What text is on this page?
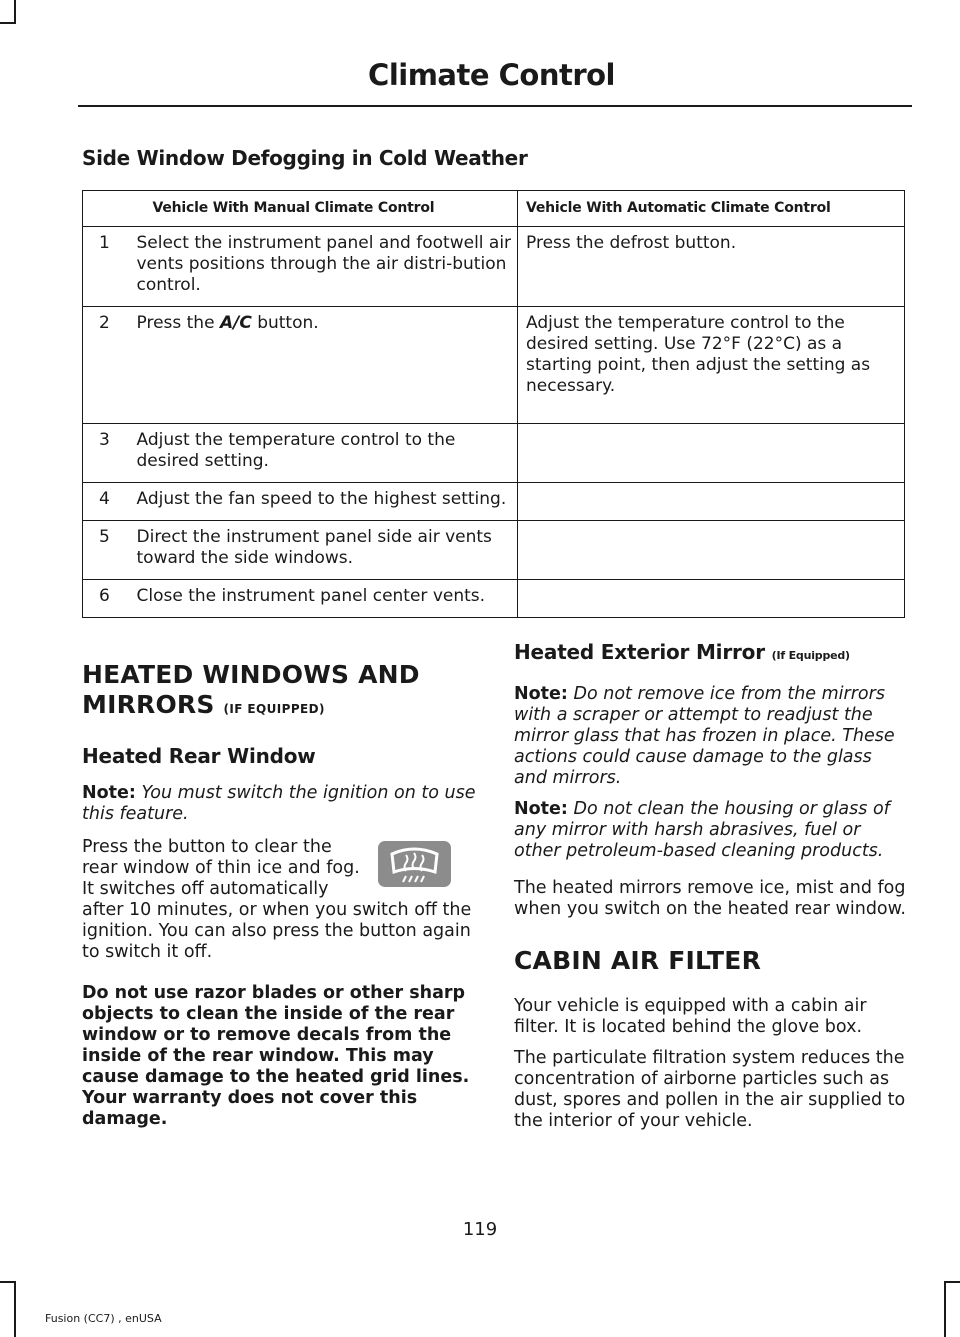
Climate Control
Side Window Defogging in Cold Weather
	Vehicle With Manual Climate Control	Vehicle With Automatic Climate Control
1	Select the instrument panel and footwell air vents positions through the air distri-bution control.	Press the defrost button.
2	Press the A/C button.	Adjust the temperature control to the desired setting. Use 72°F (22°C) as a starting point, then adjust the setting as necessary.
3	Adjust the temperature control to the desired setting.	
4	Adjust the fan speed to the highest setting.	
5	Direct the instrument panel side air vents toward the side windows.	
6	Close the instrument panel center vents.	
HEATED WINDOWS AND
MIRRORS (IF EQUIPPED)
Heated Rear Window

Note: You must switch the ignition on to use this feature.

Press the button to clear the rear window of thin ice and fog. It switches off automatically after 10 minutes, or when you switch off the ignition. You can also press the button again to switch it off.

Do not use razor blades or other sharp objects to clean the inside of the rear window or to remove decals from the inside of the rear window. This may cause damage to the heated grid lines. Your warranty does not cover this damage.

Heated Exterior Mirror (If Equipped)

Note: Do not remove ice from the mirrors with a scraper or attempt to readjust the mirror glass that has frozen in place. These actions could cause damage to the glass and mirrors.

Note: Do not clean the housing or glass of any mirror with harsh abrasives, fuel or other petroleum-based cleaning products.

The heated mirrors remove ice, mist and fog when you switch on the heated rear window.

CABIN AIR FILTER

Your vehicle is equipped with a cabin air filter. It is located behind the glove box.

The particulate filtration system reduces the concentration of airborne particles such as dust, spores and pollen in the air supplied to the interior of your vehicle.

119
Fusion (CC7) , enUSA
